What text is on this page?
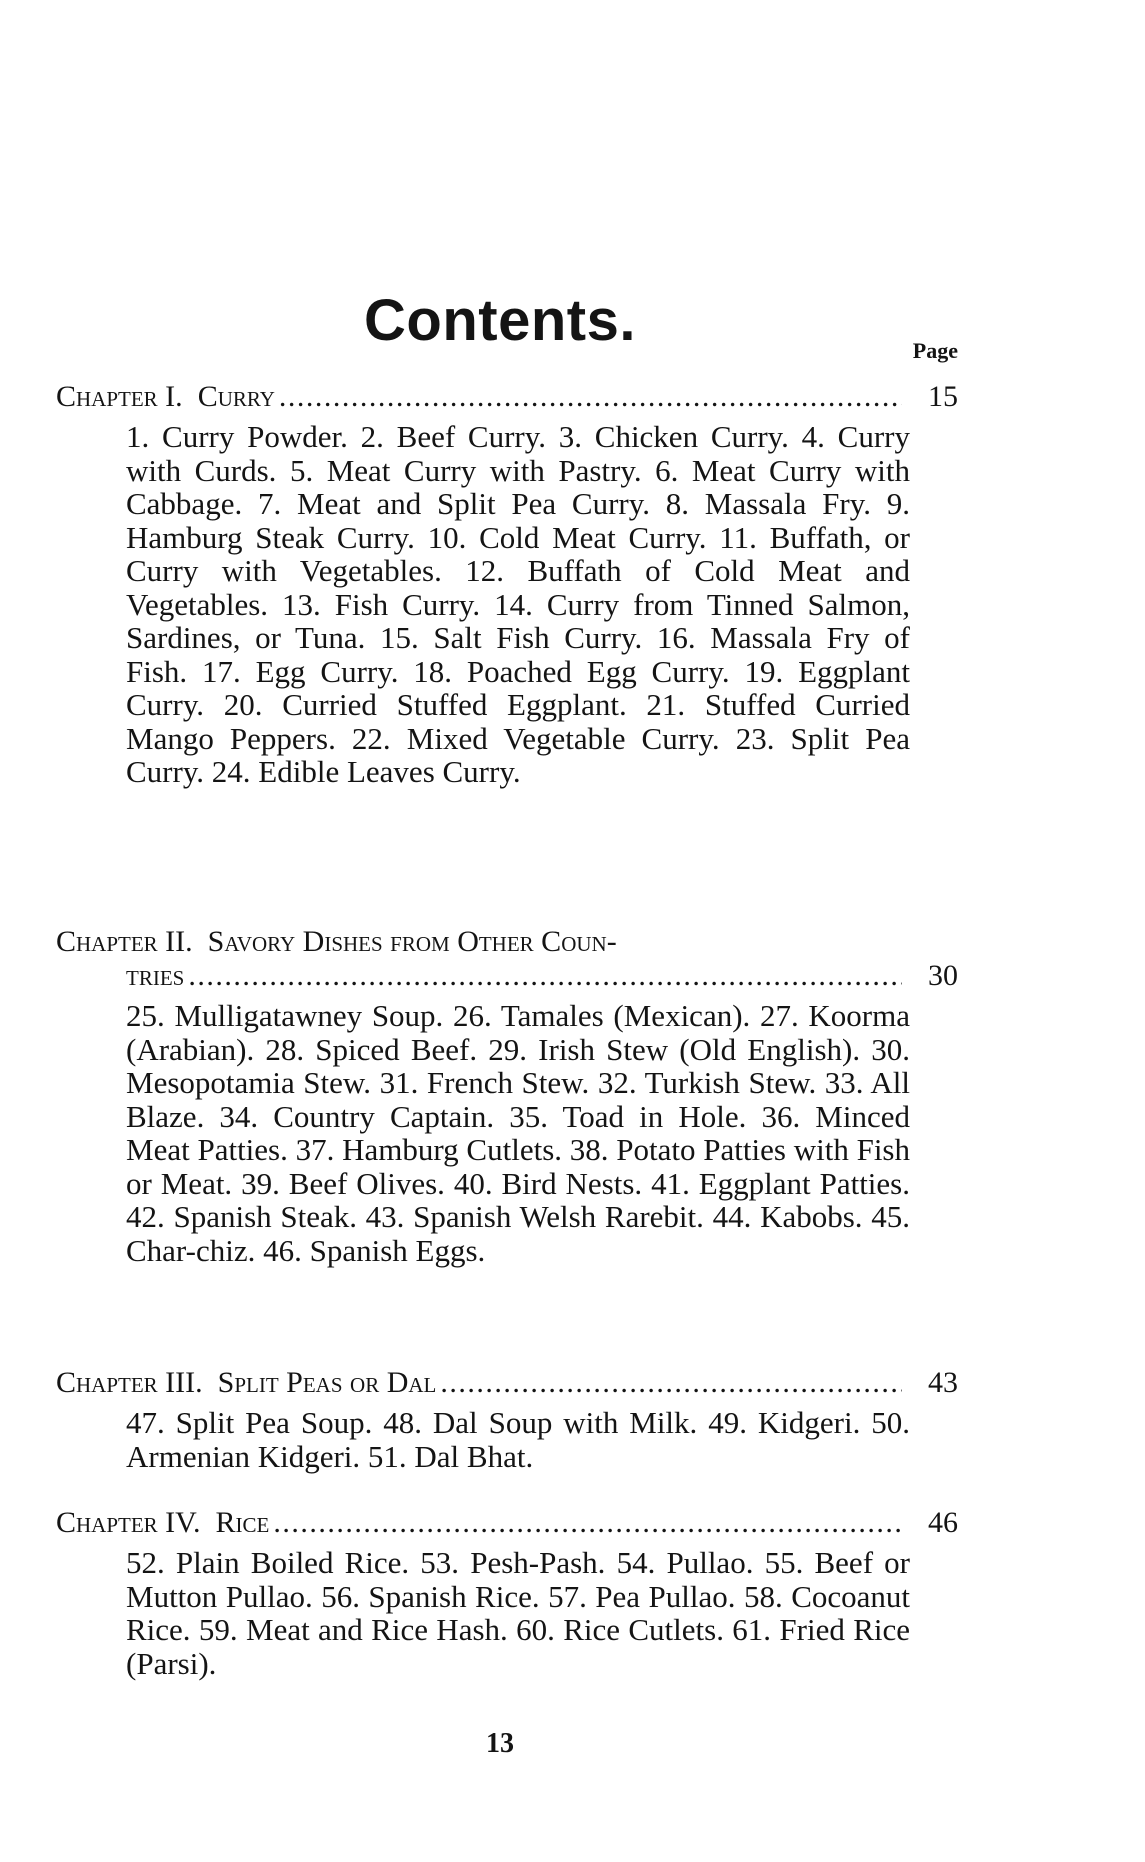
Contents.	Page
Chapter I.
Curry . . .	15

1. Curry Powder. 2. Beef Curry. 3. Chicken Curry. 4. Curry with Curds. 5. Meat Curry with Pastry. 6. Meat Curry with Cabbage. 7. Meat and Split Pea Curry. 8. Massala Fry. 9. Hamburg Steak Curry. 10. Cold Meat Curry. 11. Buffath, or Curry with Vegetables. 12. Buffath of Cold Meat and Vegetables. 13. Fish Curry. 14. Curry from Tinned Salmon, Sardines, or Tuna. 15. Salt Fish Curry. 16. Massala Fry of Fish. 17. Egg Curry. 18. Poached Egg Curry. 19. Eggplant Curry. 20. Curried Stuffed Eggplant. 21. Stuffed Curried Mango Peppers. 22. Mixed Vegetable Curry. 23. Split Pea Curry. 24. Edible Leaves Curry.

Chapter II.
Savory Dishes from Other Coun-
tries . . .	30

25. Mulligatawney Soup. 26. Tamales (Mexican). 27. Koorma (Arabian). 28. Spiced Beef. 29. Irish Stew (Old English). 30. Mesopotamia Stew. 31. French Stew. 32. Turkish Stew. 33. All Blaze. 34. Country Captain. 35. Toad in Hole. 36. Minced Meat Patties. 37. Hamburg Cutlets. 38. Potato Patties with Fish or Meat. 39. Beef Olives. 40. Bird Nests. 41. Eggplant Patties. 42. Spanish Steak. 43. Spanish Welsh Rarebit. 44. Kabobs. 45. Char-chiz. 46. Spanish Eggs.

Chapter III.
Split Peas or Dal . . .	43

47. Split Pea Soup. 48. Dal Soup with Milk. 49. Kidgeri. 50. Armenian Kidgeri. 51. Dal Bhat.

Chapter IV.
Rice . . .	46

52. Plain Boiled Rice. 53. Pesh-Pash. 54. Pullao. 55. Beef or Mutton Pullao. 56. Spanish Rice. 57. Pea Pullao. 58. Cocoanut Rice. 59. Meat and Rice Hash. 60. Rice Cutlets. 61. Fried Rice (Parsi).

13
